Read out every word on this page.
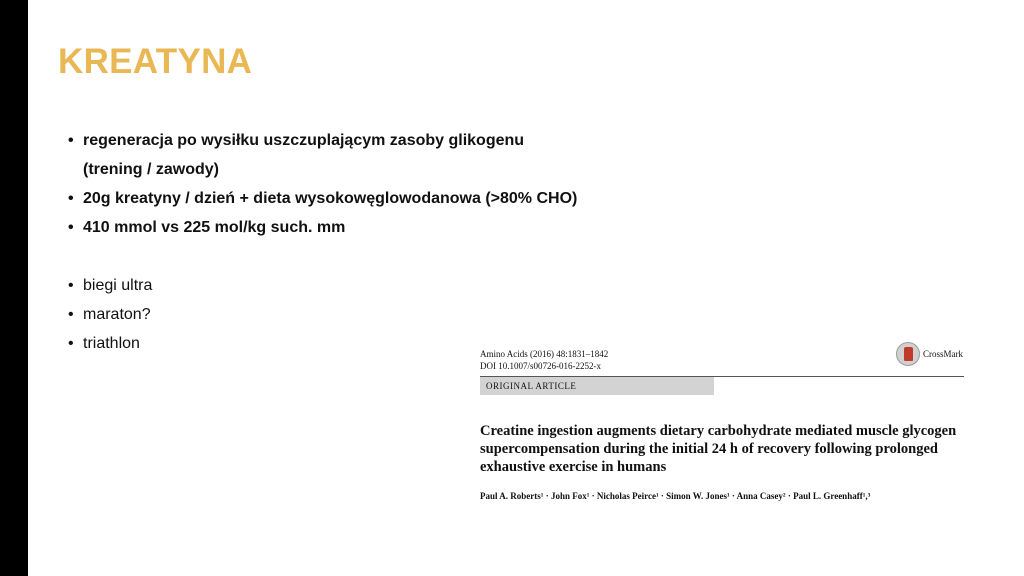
KREATYNA
• regeneracja po wysiłku uszczuplającym zasoby glikogenu (trening / zawody)
• 20g kreatyny / dzień + dieta wysokowęglowodanowa (>80% CHO)
• 410 mmol vs 225 mol/kg such. mm
• biegi ultra
• maraton?
• triathlon
Amino Acids (2016) 48:1831–1842
DOI 10.1007/s00726-016-2252-x
CrossMark
ORIGINAL ARTICLE
Creatine ingestion augments dietary carbohydrate mediated muscle glycogen supercompensation during the initial 24 h of recovery following prolonged exhaustive exercise in humans
Paul A. Roberts¹ · John Fox¹ · Nicholas Peirce¹ · Simon W. Jones¹ · Anna Casey² · Paul L. Greenhaff¹,³
